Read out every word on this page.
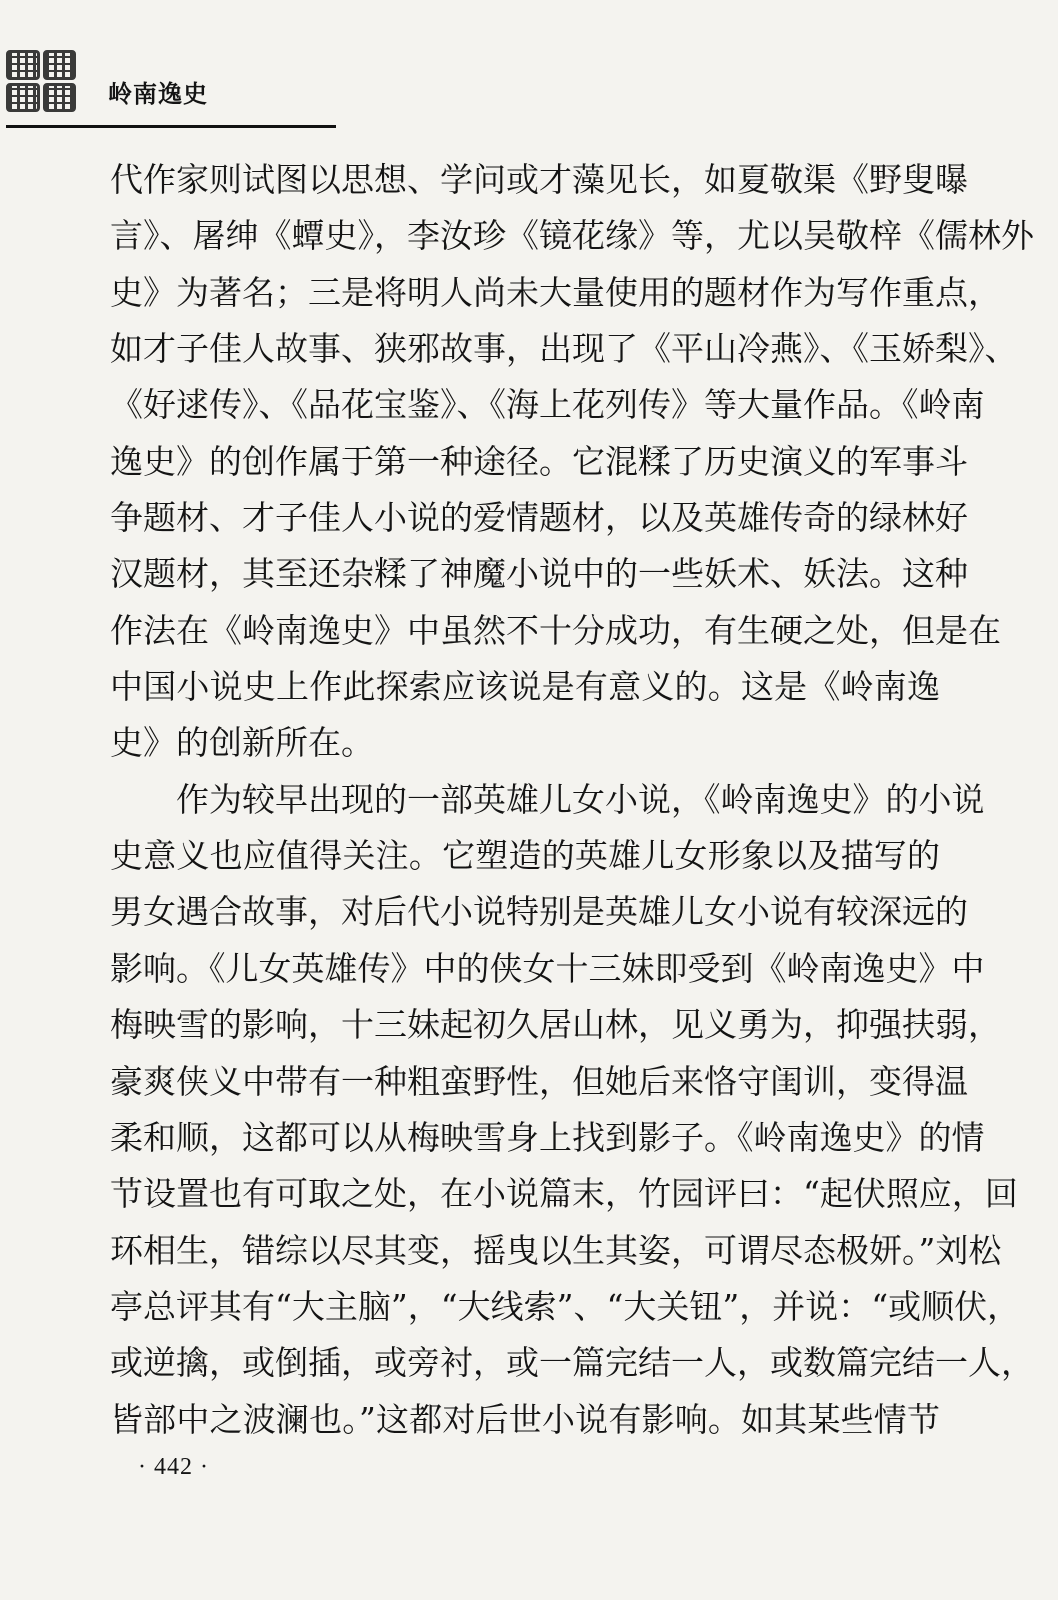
岭南逸史
代作家则试图以思想、学问或才藻见长，如夏敬渠《野叟曝
言》、屠绅《蟫史》，李汝珍《镜花缘》等，尤以吴敬梓《儒林外
史》为著名；三是将明人尚未大量使用的题材作为写作重点，
如才子佳人故事、狭邪故事，出现了《平山冷燕》、《玉娇梨》、
《好逑传》、《品花宝鉴》、《海上花列传》等大量作品。《岭南
逸史》的创作属于第一种途径。它混糅了历史演义的军事斗
争题材、才子佳人小说的爱情题材，以及英雄传奇的绿林好
汉题材，其至还杂糅了神魔小说中的一些妖术、妖法。这种
作法在《岭南逸史》中虽然不十分成功，有生硬之处，但是在
中国小说史上作此探索应该说是有意义的。这是《岭南逸
史》的创新所在。
作为较早出现的一部英雄儿女小说，《岭南逸史》的小说
史意义也应值得关注。它塑造的英雄儿女形象以及描写的
男女遇合故事，对后代小说特别是英雄儿女小说有较深远的
影响。《儿女英雄传》中的侠女十三妹即受到《岭南逸史》中
梅映雪的影响，十三妹起初久居山林，见义勇为，抑强扶弱，
豪爽侠义中带有一种粗蛮野性，但她后来恪守闺训，变得温
柔和顺，这都可以从梅映雪身上找到影子。《岭南逸史》的情
节设置也有可取之处，在小说篇末，竹园评曰：“起伏照应，回
环相生，错综以尽其变，摇曳以生其姿，可谓尽态极妍。”刘松
亭总评其有“大主脑”，“大线索”、“大关钮”，并说：“或顺伏，
或逆擒，或倒插，或旁衬，或一篇完结一人，或数篇完结一人，
皆部中之波澜也。”这都对后世小说有影响。如其某些情节
· 442 ·
